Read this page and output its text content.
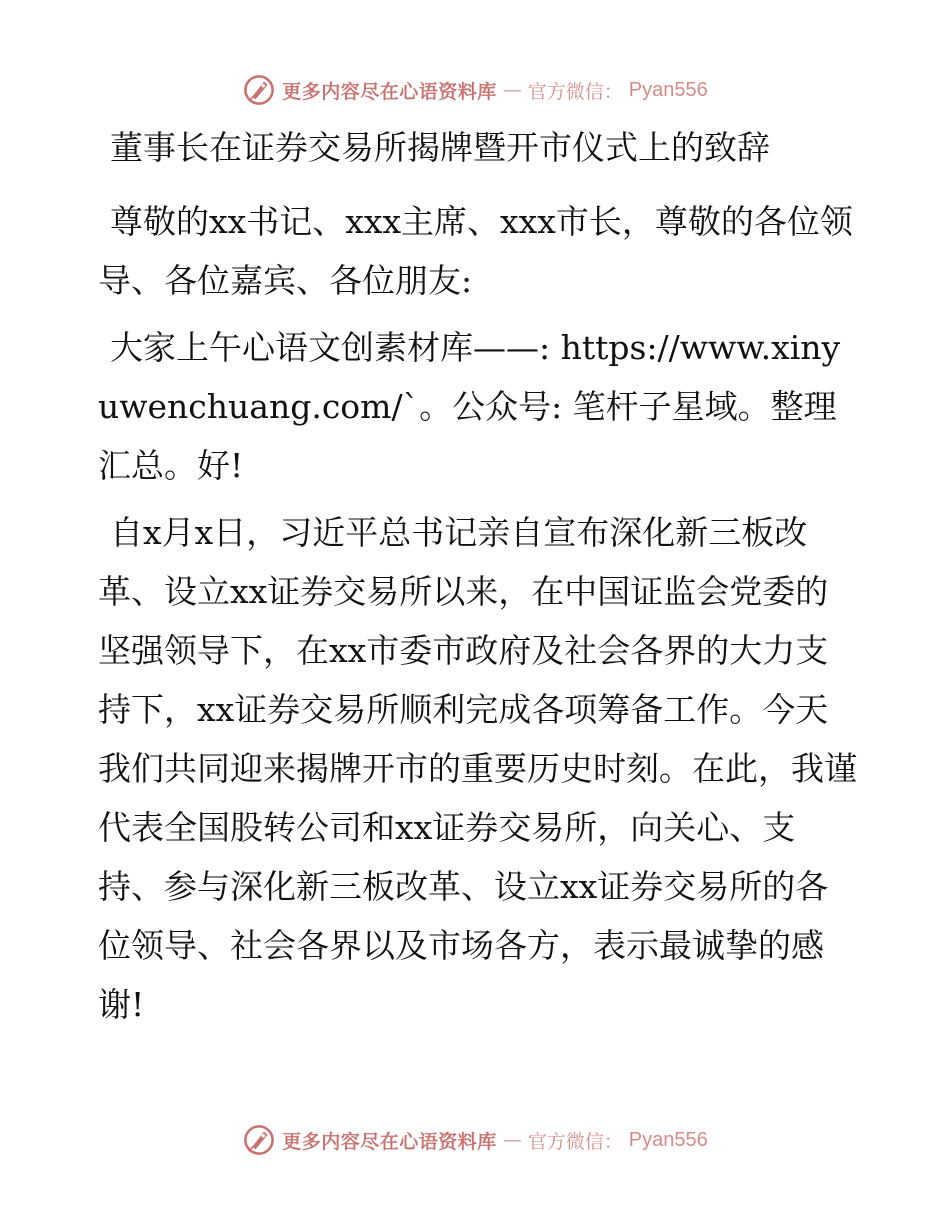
更多内容尽在心语资料库 — 官方微信： Pyan556
董事长在证券交易所揭牌暨开市仪式上的致辞

尊敬的xx书记、xxx主席、xxx市长，尊敬的各位领导、各位嘉宾、各位朋友:

大家上午心语文创素材库——: https://www.xinyuwenchuang.com/`。公众号: 笔杆子星域。整理汇总。好!

自x月x日，习近平总书记亲自宣布深化新三板改革、设立xx证券交易所以来，在中国证监会党委的坚强领导下，在xx市委市政府及社会各界的大力支持下，xx证券交易所顺利完成各项筹备工作。今天我们共同迎来揭牌开市的重要历史时刻。在此，我谨代表全国股转公司和xx证券交易所，向关心、支持、参与深化新三板改革、设立xx证券交易所的各位领导、社会各界以及市场各方，表示最诚挚的感谢!

更多内容尽在心语资料库 — 官方微信： Pyan556
